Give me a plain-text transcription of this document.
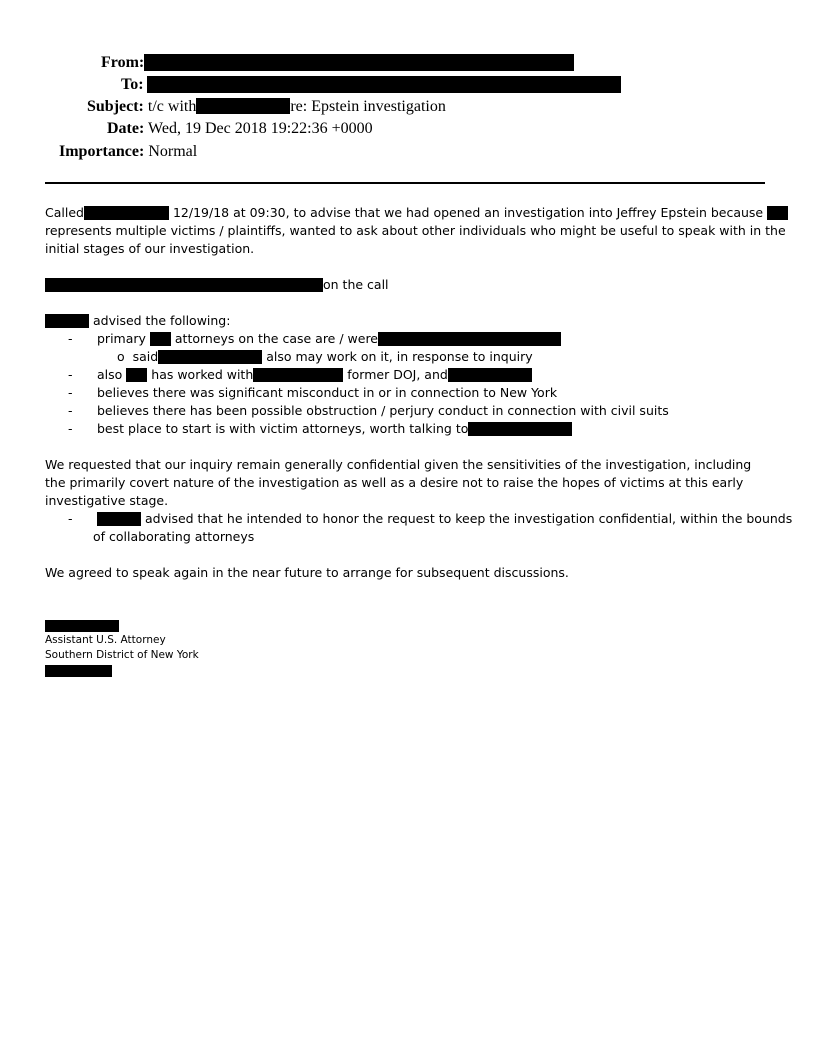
From:
To:
Subject: t/c with	re: Epstein investigation
Date: Wed, 19 Dec 2018 19:22:36 +0000
Importance: Normal
Called	12/19/18 at 09:30, to advise that we had opened an investigation into Jeffrey Epstein because
represents multiple victims / plaintiffs, wanted to ask about other individuals who might be useful to speak with in the
initial stages of our investigation.
on the call
advised the following:
- primary attorneys on the case are / were
o said	also may work on it, in response to inquiry
- also has worked with	former DOJ, and
- believes there was significant misconduct in or in connection to New York
- believes there has been possible obstruction / perjury conduct in connection with civil suits
- best place to start is with victim attorneys, worth talking to
We requested that our inquiry remain generally confidential given the sensitivities of the investigation, including the primarily covert nature of the investigation as well as a desire not to raise the hopes of victims at this early investigative stage.
-	advised that he intended to honor the request to keep the investigation confidential, within the bounds
of collaborating attorneys
We agreed to speak again in the near future to arrange for subsequent discussions.
Assistant U.S. Attorney
Southern District of New York
